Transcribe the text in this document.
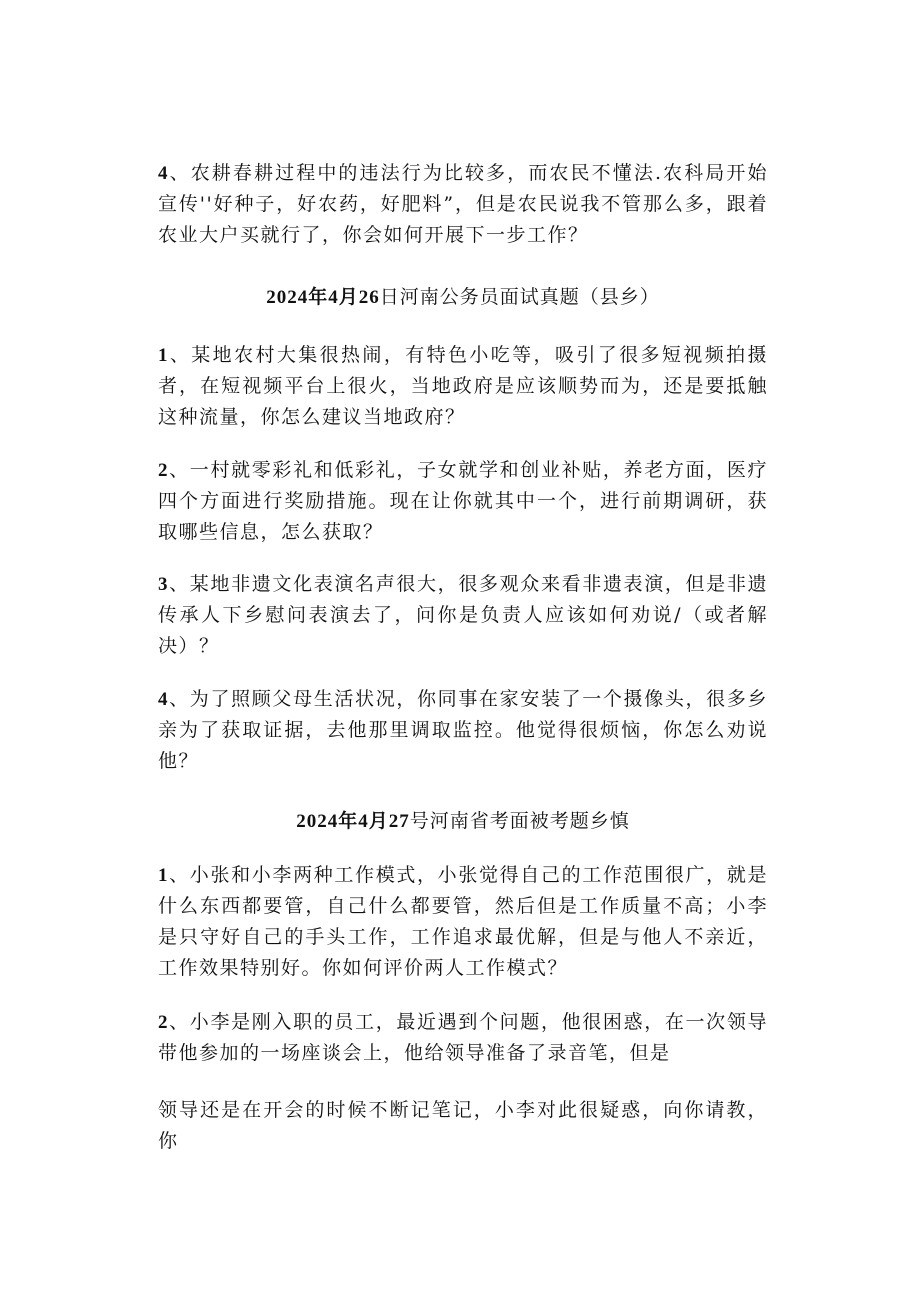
4、农耕春耕过程中的违法行为比较多，而农民不懂法.农科局开始宣传''好种子，好农药，好肥料”，但是农民说我不管那么多，跟着农业大户买就行了，你会如何开展下一步工作？

2024年4月26日河南公务员面试真题（县乡）

1、某地农村大集很热闹，有特色小吃等，吸引了很多短视频拍摄者，在短视频平台上很火，当地政府是应该顺势而为，还是要抵触这种流量，你怎么建议当地政府？

2、一村就零彩礼和低彩礼，子女就学和创业补贴，养老方面，医疗四个方面进行奖励措施。现在让你就其中一个，进行前期调研，获取哪些信息，怎么获取？

3、某地非遗文化表演名声很大，很多观众来看非遗表演，但是非遗传承人下乡慰问表演去了，问你是负责人应该如何劝说/（或者解决）？

4、为了照顾父母生活状况，你同事在家安装了一个摄像头，很多乡亲为了获取证据，去他那里调取监控。他觉得很烦恼，你怎么劝说他？

2024年4月27号河南省考面被考题乡慎

1、小张和小李两种工作模式，小张觉得自己的工作范围很广，就是什么东西都要管，自己什么都要管，然后但是工作质量不高；小李是只守好自己的手头工作，工作追求最优解，但是与他人不亲近，工作效果特别好。你如何评价两人工作模式？

2、小李是刚入职的员工，最近遇到个问题，他很困惑，在一次领导带他参加的一场座谈会上，他给领导准备了录音笔，但是

领导还是在开会的时候不断记笔记，小李对此很疑惑，向你请教，你
